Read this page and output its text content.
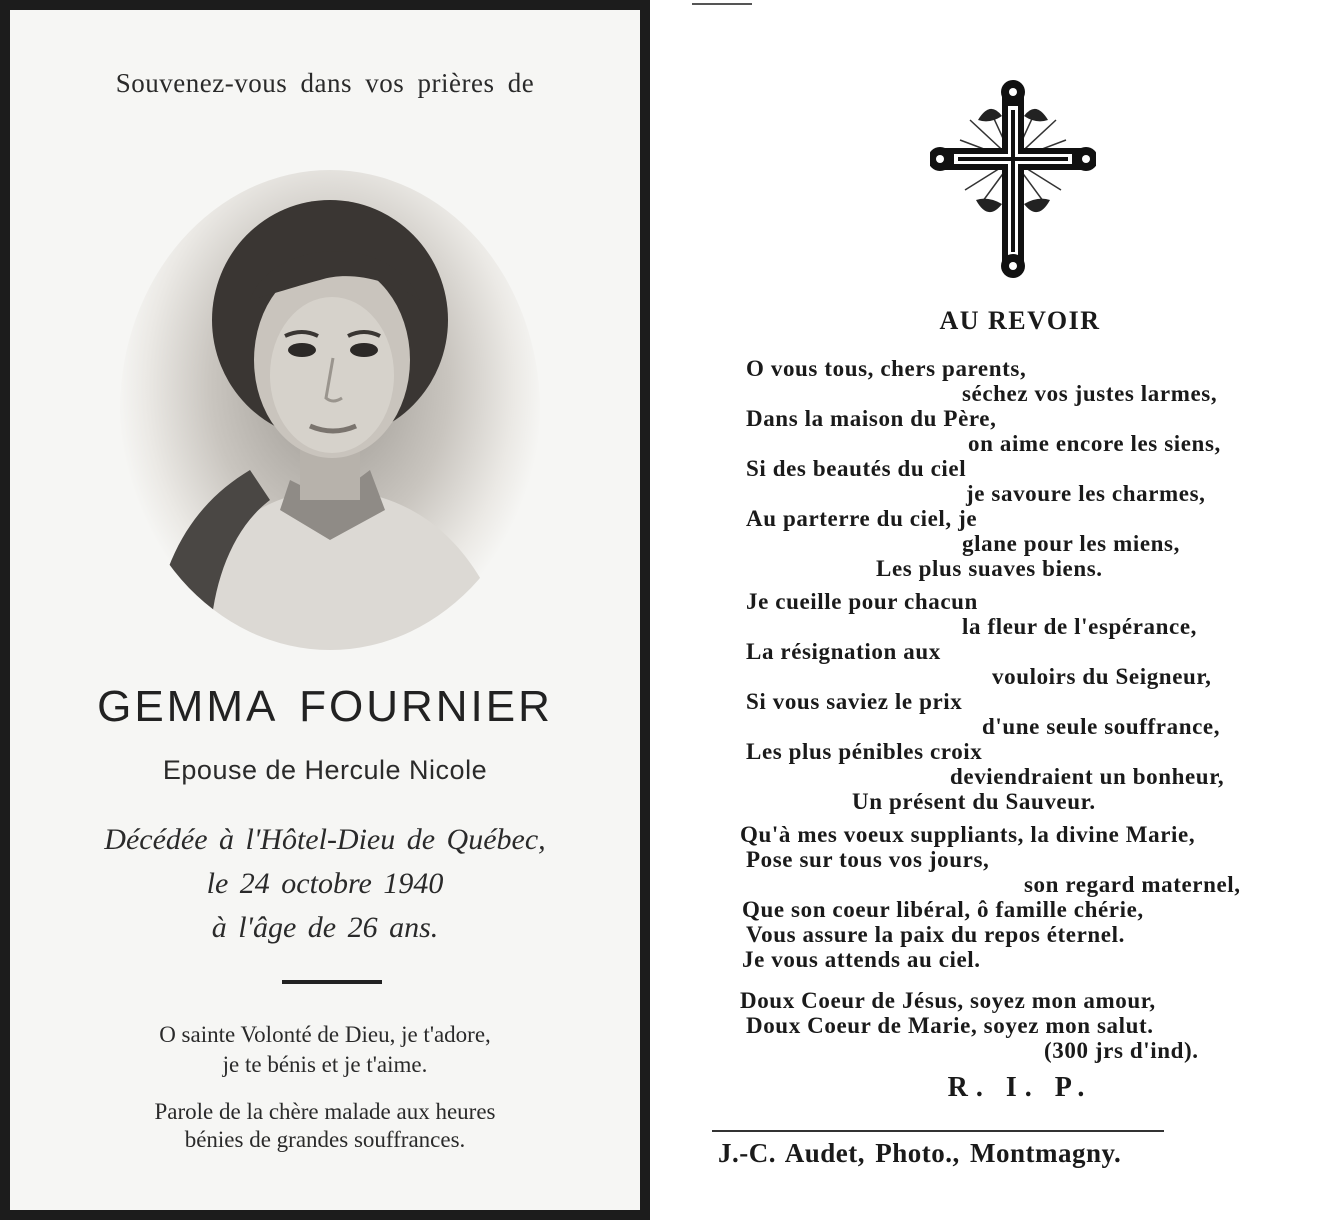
Souvenez-vous dans vos prières de
GEMMA FOURNIER
Epouse de Hercule Nicole
Décédée à l'Hôtel-Dieu de Québec,
le 24 octobre 1940
à l'âge de 26 ans.
O sainte Volonté de Dieu, je t'adore,
je te bénis et je t'aime.
Parole de la chère malade aux heures
bénies de grandes souffrances.
AU REVOIR
O vous tous, chers parents,
séchez vos justes larmes,
Dans la maison du Père,
on aime encore les siens,
Si des beautés du ciel
je savoure les charmes,
Au parterre du ciel, je
glane pour les miens,
Les plus suaves biens.
Je cueille pour chacun
la fleur de l'espérance,
La résignation aux
vouloirs du Seigneur,
Si vous saviez le prix
d'une seule souffrance,
Les plus pénibles croix
deviendraient un bonheur,
Un présent du Sauveur.
Qu'à mes voeux suppliants, la divine Marie,
Pose sur tous vos jours,
son regard maternel,
Que son coeur libéral, ô famille chérie,
Vous assure la paix du repos éternel.
Je vous attends au ciel.
Doux Coeur de Jésus, soyez mon amour,
Doux Coeur de Marie, soyez mon salut.
(300 jrs d'ind).
R. I. P.
J.-C. Audet, Photo., Montmagny.
